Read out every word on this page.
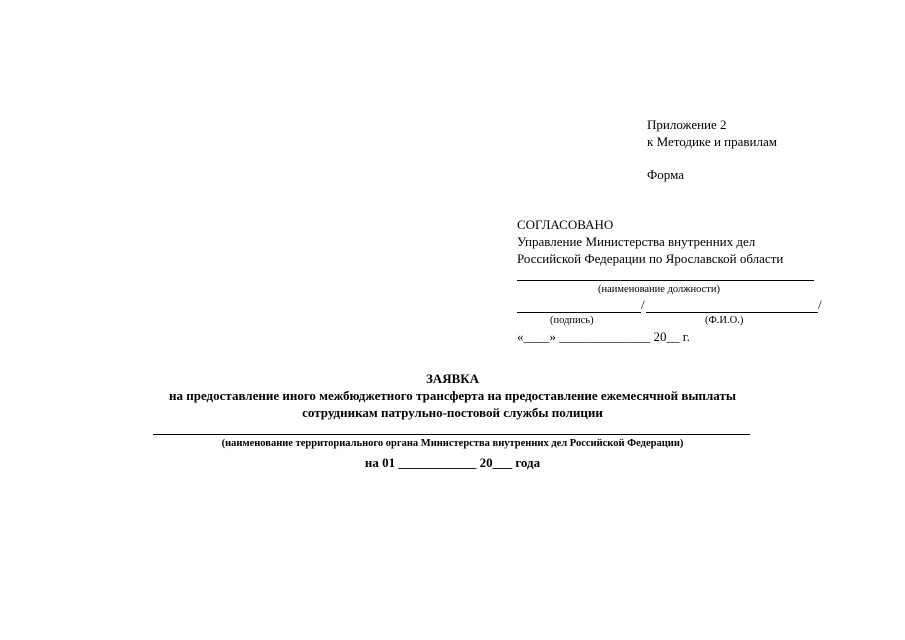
Приложение 2
к Методике и правилам
Форма
СОГЛАСОВАНО
Управление Министерства внутренних дел
Российской Федерации по Ярославской области
(наименование должности)
/	/
(подпись)	(Ф.И.О.)
«____» ______________ 20__ г.
ЗАЯВКА
на предоставление иного межбюджетного трансферта на предоставление ежемесячной выплаты
сотрудникам патрульно-постовой службы полиции
(наименование территориального органа Министерства внутренних дел Российской Федерации)
на 01 ____________ 20___ года
